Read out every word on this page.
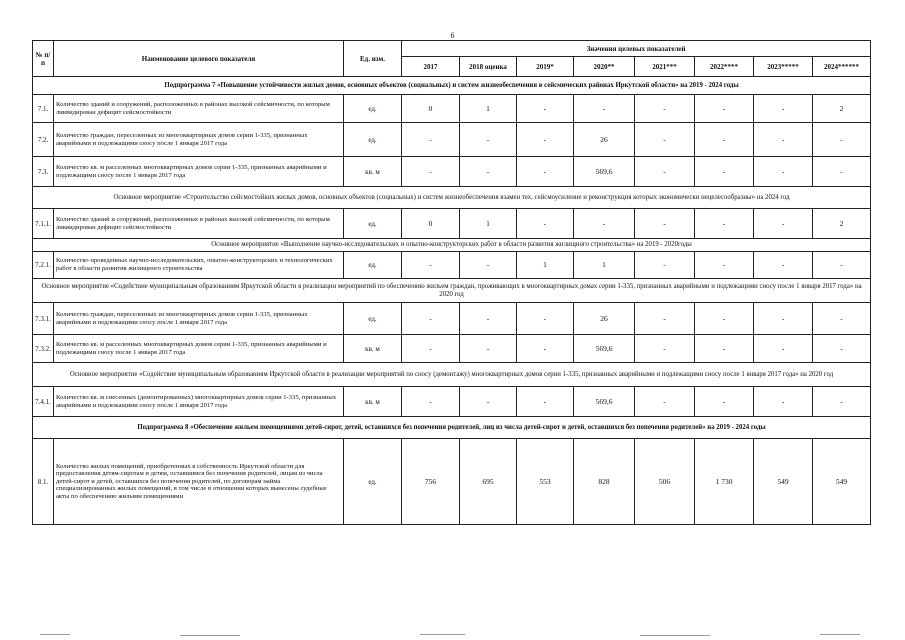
6
№ п/п	Наименование целевого показателя	Ед. изм.	Значения целевых показателей							
			2017	2018 оценка	2019*	2020**	2021***	2022****	2023*****	2024******
Подпрограмма 7 «Повышение устойчивости жилых домов, основных объектов (социальных) и систем жизнеобеспечения в сейсмических районах Иркутской области» на 2019 - 2024 годы										
7.1.	Количество зданий и сооружений, расположенных в районах высокой сейсмичности, по которым ликвидирован дефицит сейсмостойкости	ед.	0	1	-	-	-	-	-	2
7.2.	Количество граждан, переселенных из многоквартирных домов серии 1-335, признанных аварийными и подлежащими сносу после 1 января 2017 года	ед.	-	-	-	26	-	-	-	-
7.3.	Количество кв. м расселенных многоквартирных домов серии 1-335, признанных аварийными и подлежащими сносу после 1 января 2017 года	кв. м	-	-	-	569,6	-	-	-	-
Основное мероприятие «Строительство сейсмостойких жилых домов, основных объектов (социальных) и систем жизнеобеспечения взамен тех, сейсмоусиление и реконструкция которых экономически нецелесообразны» на 2024 год										
7.1.1.	Количество зданий и сооружений, расположенных в районах высокой сейсмичности, по которым ликвидирован дефицит сейсмостойкости	ед.	0	1	-	-	-	-	-	2
Основное мероприятие «Выполнение научно-исследовательских и опытно-конструкторских работ в области развития жилищного строительства» на 2019 - 2020годы										
7.2.1.	Количество проведенных научно-исследовательских, опытно-конструкторских и технологических работ в области развития жилищного строительства	ед.	-	-	1	1	-	-	-	-
Основное мероприятие «Содействие муниципальным образованиям Иркутской области в реализации мероприятий по обеспечению жильем граждан, проживающих в многоквартирных домах серии 1-335, признанных аварийными и подлежащими сносу после 1 января 2017 года» на 2020 год										
7.3.1.	Количество граждан, переселенных из многоквартирных домов серии 1-335, признанных аварийными и подлежащими сносу после 1 января 2017 года	ед.	-	-	-	26	-	-	-	-
7.3.2.	Количество кв. м расселенных многоквартирных домов серии 1-335, признанных аварийными и подлежащими сносу после 1 января 2017 года	кв. м	-	-	-	569,6	-	-	-	-
Основное мероприятие «Содействие муниципальным образованиям Иркутской области в реализации мероприятий по сносу (демонтажу) многоквартирных домов серии 1-335, признанных аварийными и подлежащими сносу после 1 января 2017 года» на 2020 год										
7.4.1.	Количество кв. м снесенных (демонтированных) многоквартирных домов серии 1-335, признанных аварийными и подлежащими сносу после 1 января 2017 года	кв. м	-	-	-	569,6	-	-	-	-
Подпрограмма 8 «Обеспечение жильем помещениями детей-сирот, детей, оставшихся без попечения родителей, лиц из числа детей-сирот и детей, оставшихся без попечения родителей» на 2019 - 2024 годы										
8.1.	Количество жилых помещений, приобретенных в собственность Иркутской области для предоставления детям-сиротам и детям, оставшимся без попечения родителей, лицам из числа детей-сирот и детей, оставшихся без попечения родителей, по договорам найма специализированных жилых помещений, в том числе в отношении которых вынесены судебные акты по обеспечению жилыми помещениями	ед.	756	695	553	828	506	1 730	549	549
